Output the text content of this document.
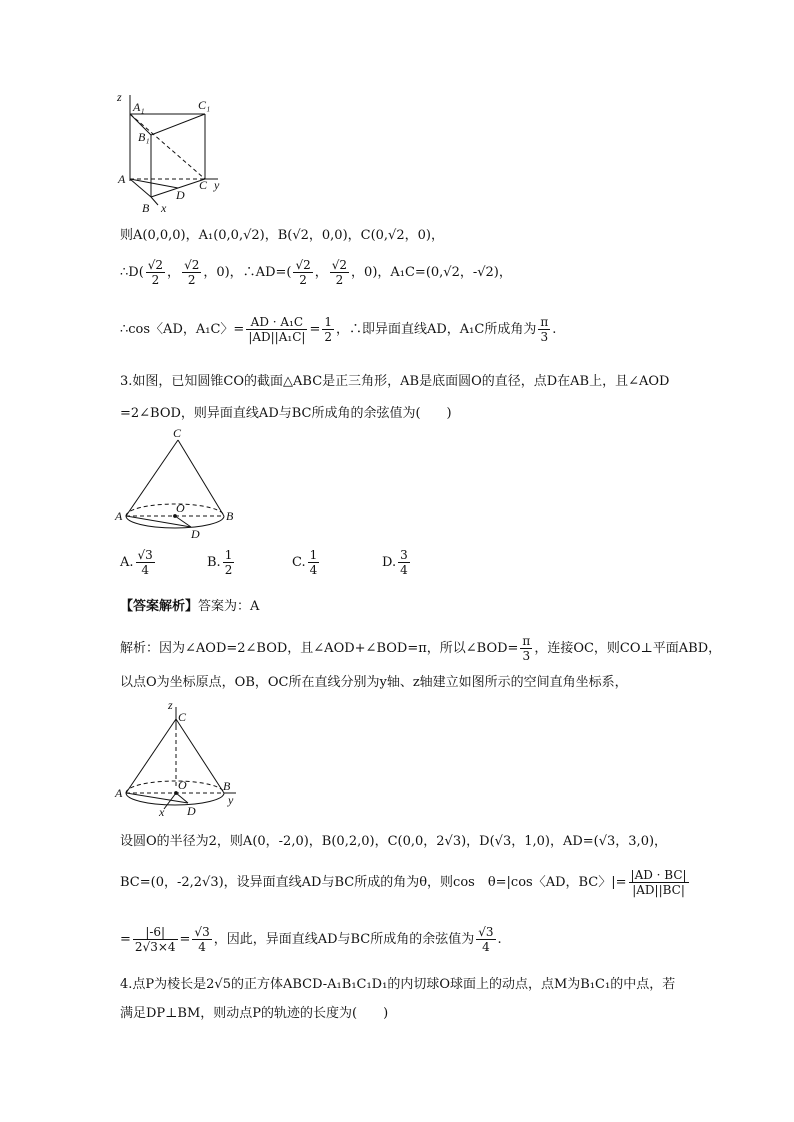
z
A₁	C₁
B₁
A	C y
D
B x
则A(0,0,0)，A₁(0,0,√2)，B(√2，0,0)，C(0,√2，0)，
∴D( $\frac{√2}{2}$ ， $\frac{√2}{2}$ ，0)，∴AD=( $\frac{√2}{2}$ ， $\frac{√2}{2}$ ，0)，A₁C=(0,√2，-√2)，
∴cos〈AD，A₁C〉= $\frac{\text{AD · A₁C}}{\text{|AD||A₁C|}} = \frac{1}{2}$ ，∴即异面直线AD，A₁C所成角为 $\frac{\pi}{3}$ .
3.如图，已知圆锥CO的截面△ABC是正三角形，AB是底面圆O的直径，点D在AB上，且∠AOD
=2∠BOD，则异面直线AD与BC所成角的余弦值为(　　)
C
A
O
B
D
A. $\frac{√3}{4}$	B. $\frac{1}{2}$	C. $\frac{1}{4}$	D. $\frac{3}{4}$
【答案解析】答案为：A
解析：因为∠AOD=2∠BOD，且∠AOD+∠BOD=π，所以∠BOD= $\frac{\pi}{3}$ ，连接OC，则CO⊥平面ABD，
以点O为坐标原点，OB，OC所在直线分别为y轴、z轴建立如图所示的空间直角坐标系，
z
C
A
O	B
y
x D
设圆O的半径为2，则A(0，-2,0)，B(0,2,0)，C(0,0，2√3)，D(√3，1,0)，AD=(√3，3,0)，
BC=(0，-2,2√3)，设异面直线AD与BC所成的角为θ，则cos　θ=|cos〈AD，BC〉|= $\frac{|AD \cdot BC|}{|AD||BC|}$
= $\frac{|-6|}{2√3\times 4} = \frac{√3}{4}$ ，因此，异面直线AD与BC所成角的余弦值为 $\frac{√3}{4}$ .
4.点P为棱长是2√5的正方体ABCD-A₁B₁C₁D₁的内切球O球面上的动点，点M为B₁C₁的中点，若
满足DP⊥BM，则动点P的轨迹的长度为(　　)
